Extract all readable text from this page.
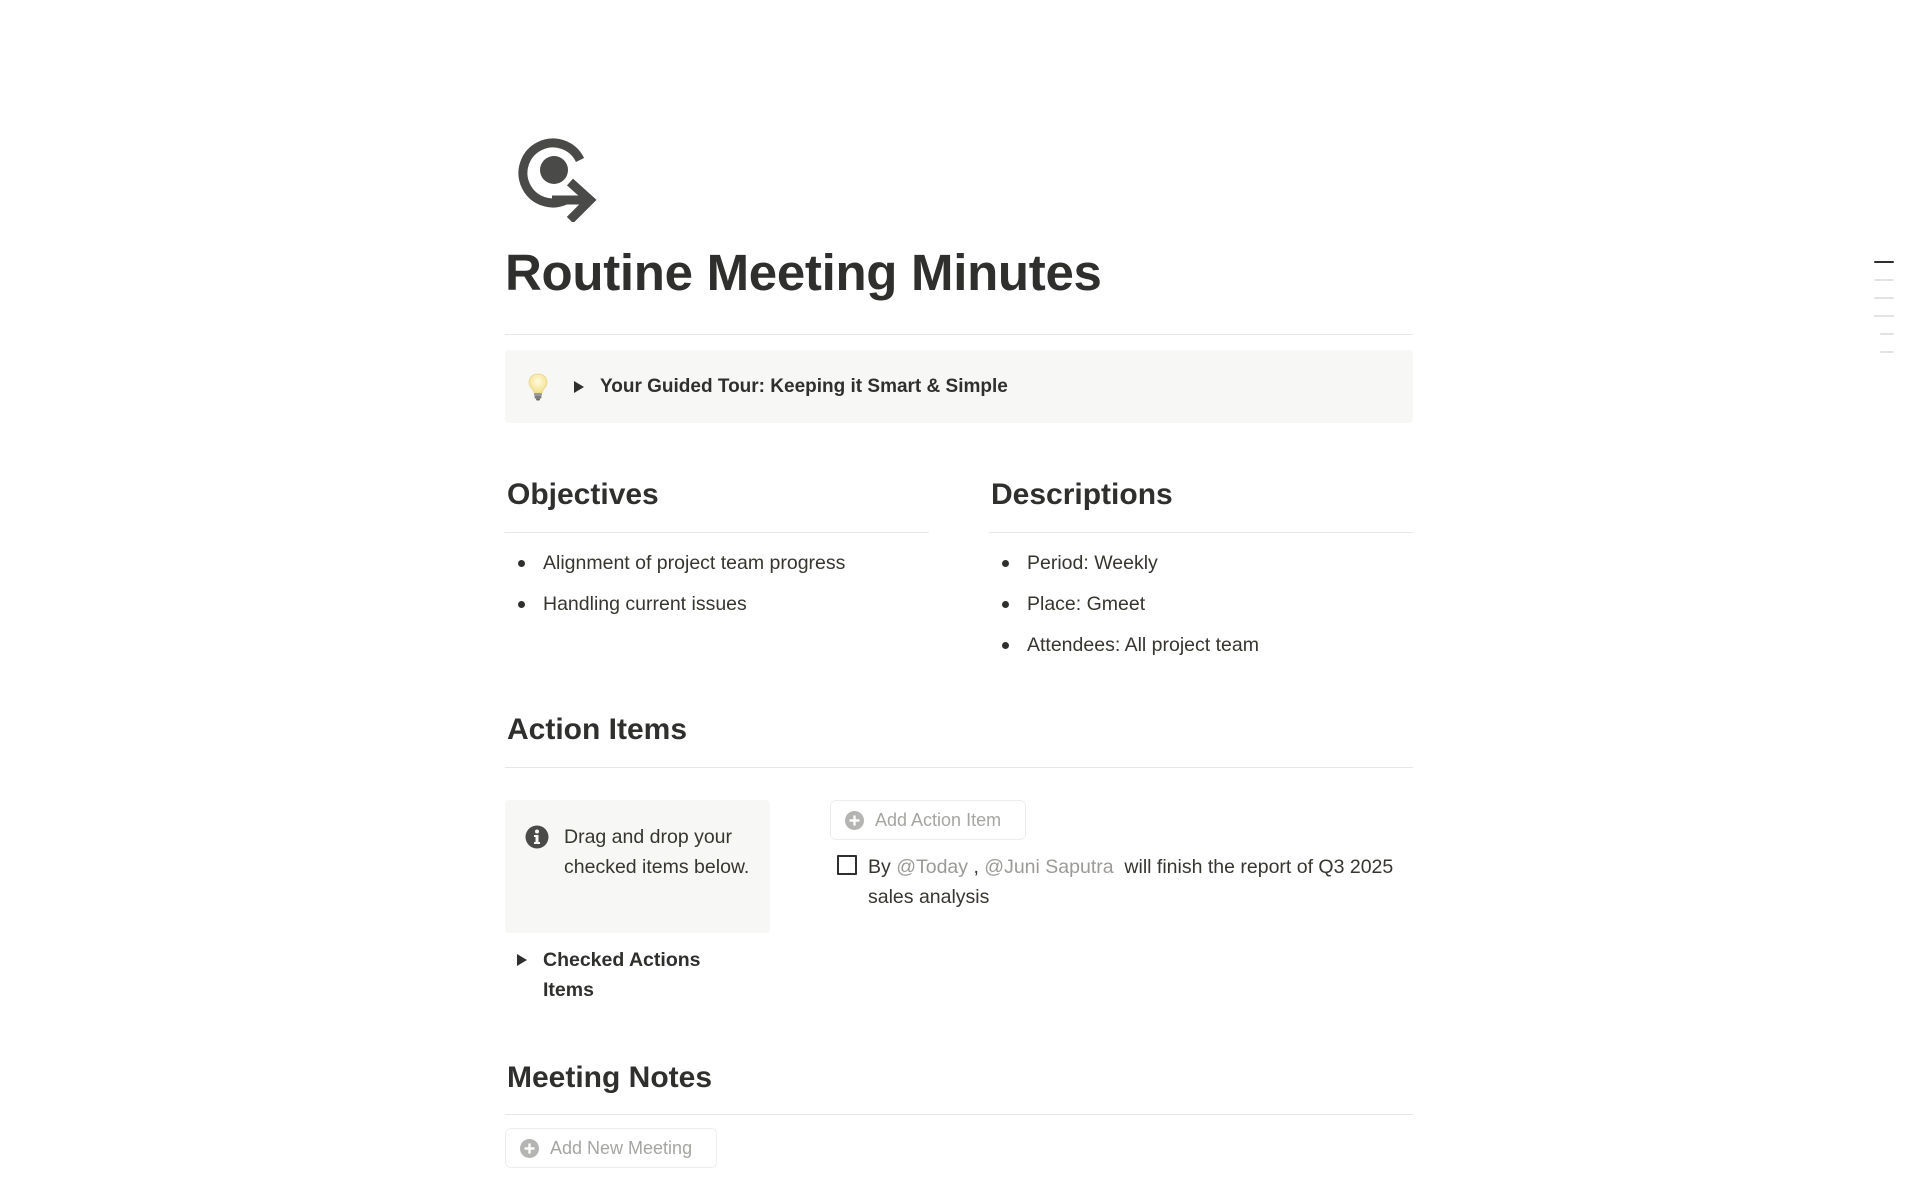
Routine Meeting Minutes
Your Guided Tour: Keeping it Smart & Simple
Objectives
Alignment of project team progress
Handling current issues
Descriptions
Period: Weekly
Place: Gmeet
Attendees: All project team
Action Items
Drag and drop your checked items below.
Checked Actions Items
Add Action Item
By @Today , @Juni Saputra  will finish the report of Q3 2025 sales analysis
Meeting Notes
Add New Meeting
